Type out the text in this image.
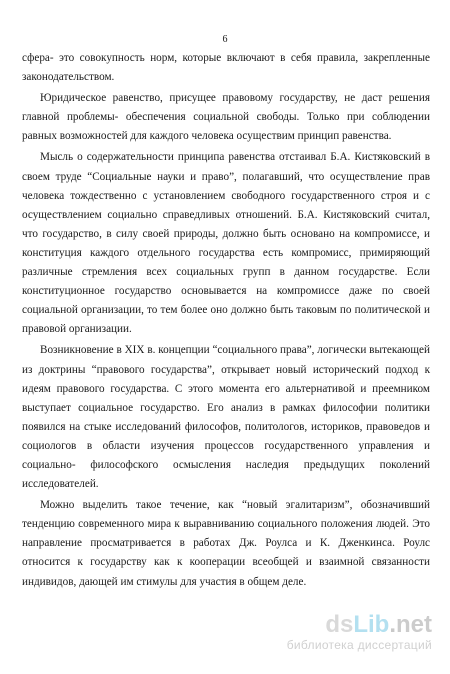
6

сфера- это совокупность норм, которые включают в себя правила, закрепленные законодательством.

Юридическое равенство, присущее правовому государству, не даст решения главной проблемы- обеспечения социальной свободы. Только при соблюдении равных возможностей для каждого человека осуществим принцип равенства.

Мысль о содержательности принципа равенства отстаивал Б.А. Кистяковский в своем труде “Социальные науки и право”, полагавший, что осуществление прав человека тождественно с установлением свободного государственного строя и с осуществлением социально справедливых отношений. Б.А. Кистяковский считал, что государство, в силу своей природы, должно быть основано на компромиссе, и конституция каждого отдельного государства есть компромисс, примиряющий различные стремления всех социальных групп в данном государстве. Если конституционное государство основывается на компромиссе даже по своей социальной организации, то тем более оно должно быть таковым по политической и правовой организации.

Возникновение в XIX в. концепции “социального права”, логически вытекающей из доктрины “правового государства”, открывает новый исторический подход к идеям правового государства. С этого момента его альтернативой и преемником выступает социальное государство. Его анализ в рамках философии политики появился на стыке исследований философов, политологов, историков, правоведов и социологов в области изучения процессов государственного управления и социально- философского осмысления наследия предыдущих поколений исследователей.

Можно выделить такое течение, как “новый эгалитаризм”, обозначивший тенденцию современного мира к выравниванию социального положения людей. Это направление просматривается в работах Дж. Роулса и К. Дженкинса. Роулс относится к государству как к кооперации всеобщей и взаимной связанности индивидов, дающей им стимулы для участия в общем деле.

dsLib.net
библиотека диссертаций
